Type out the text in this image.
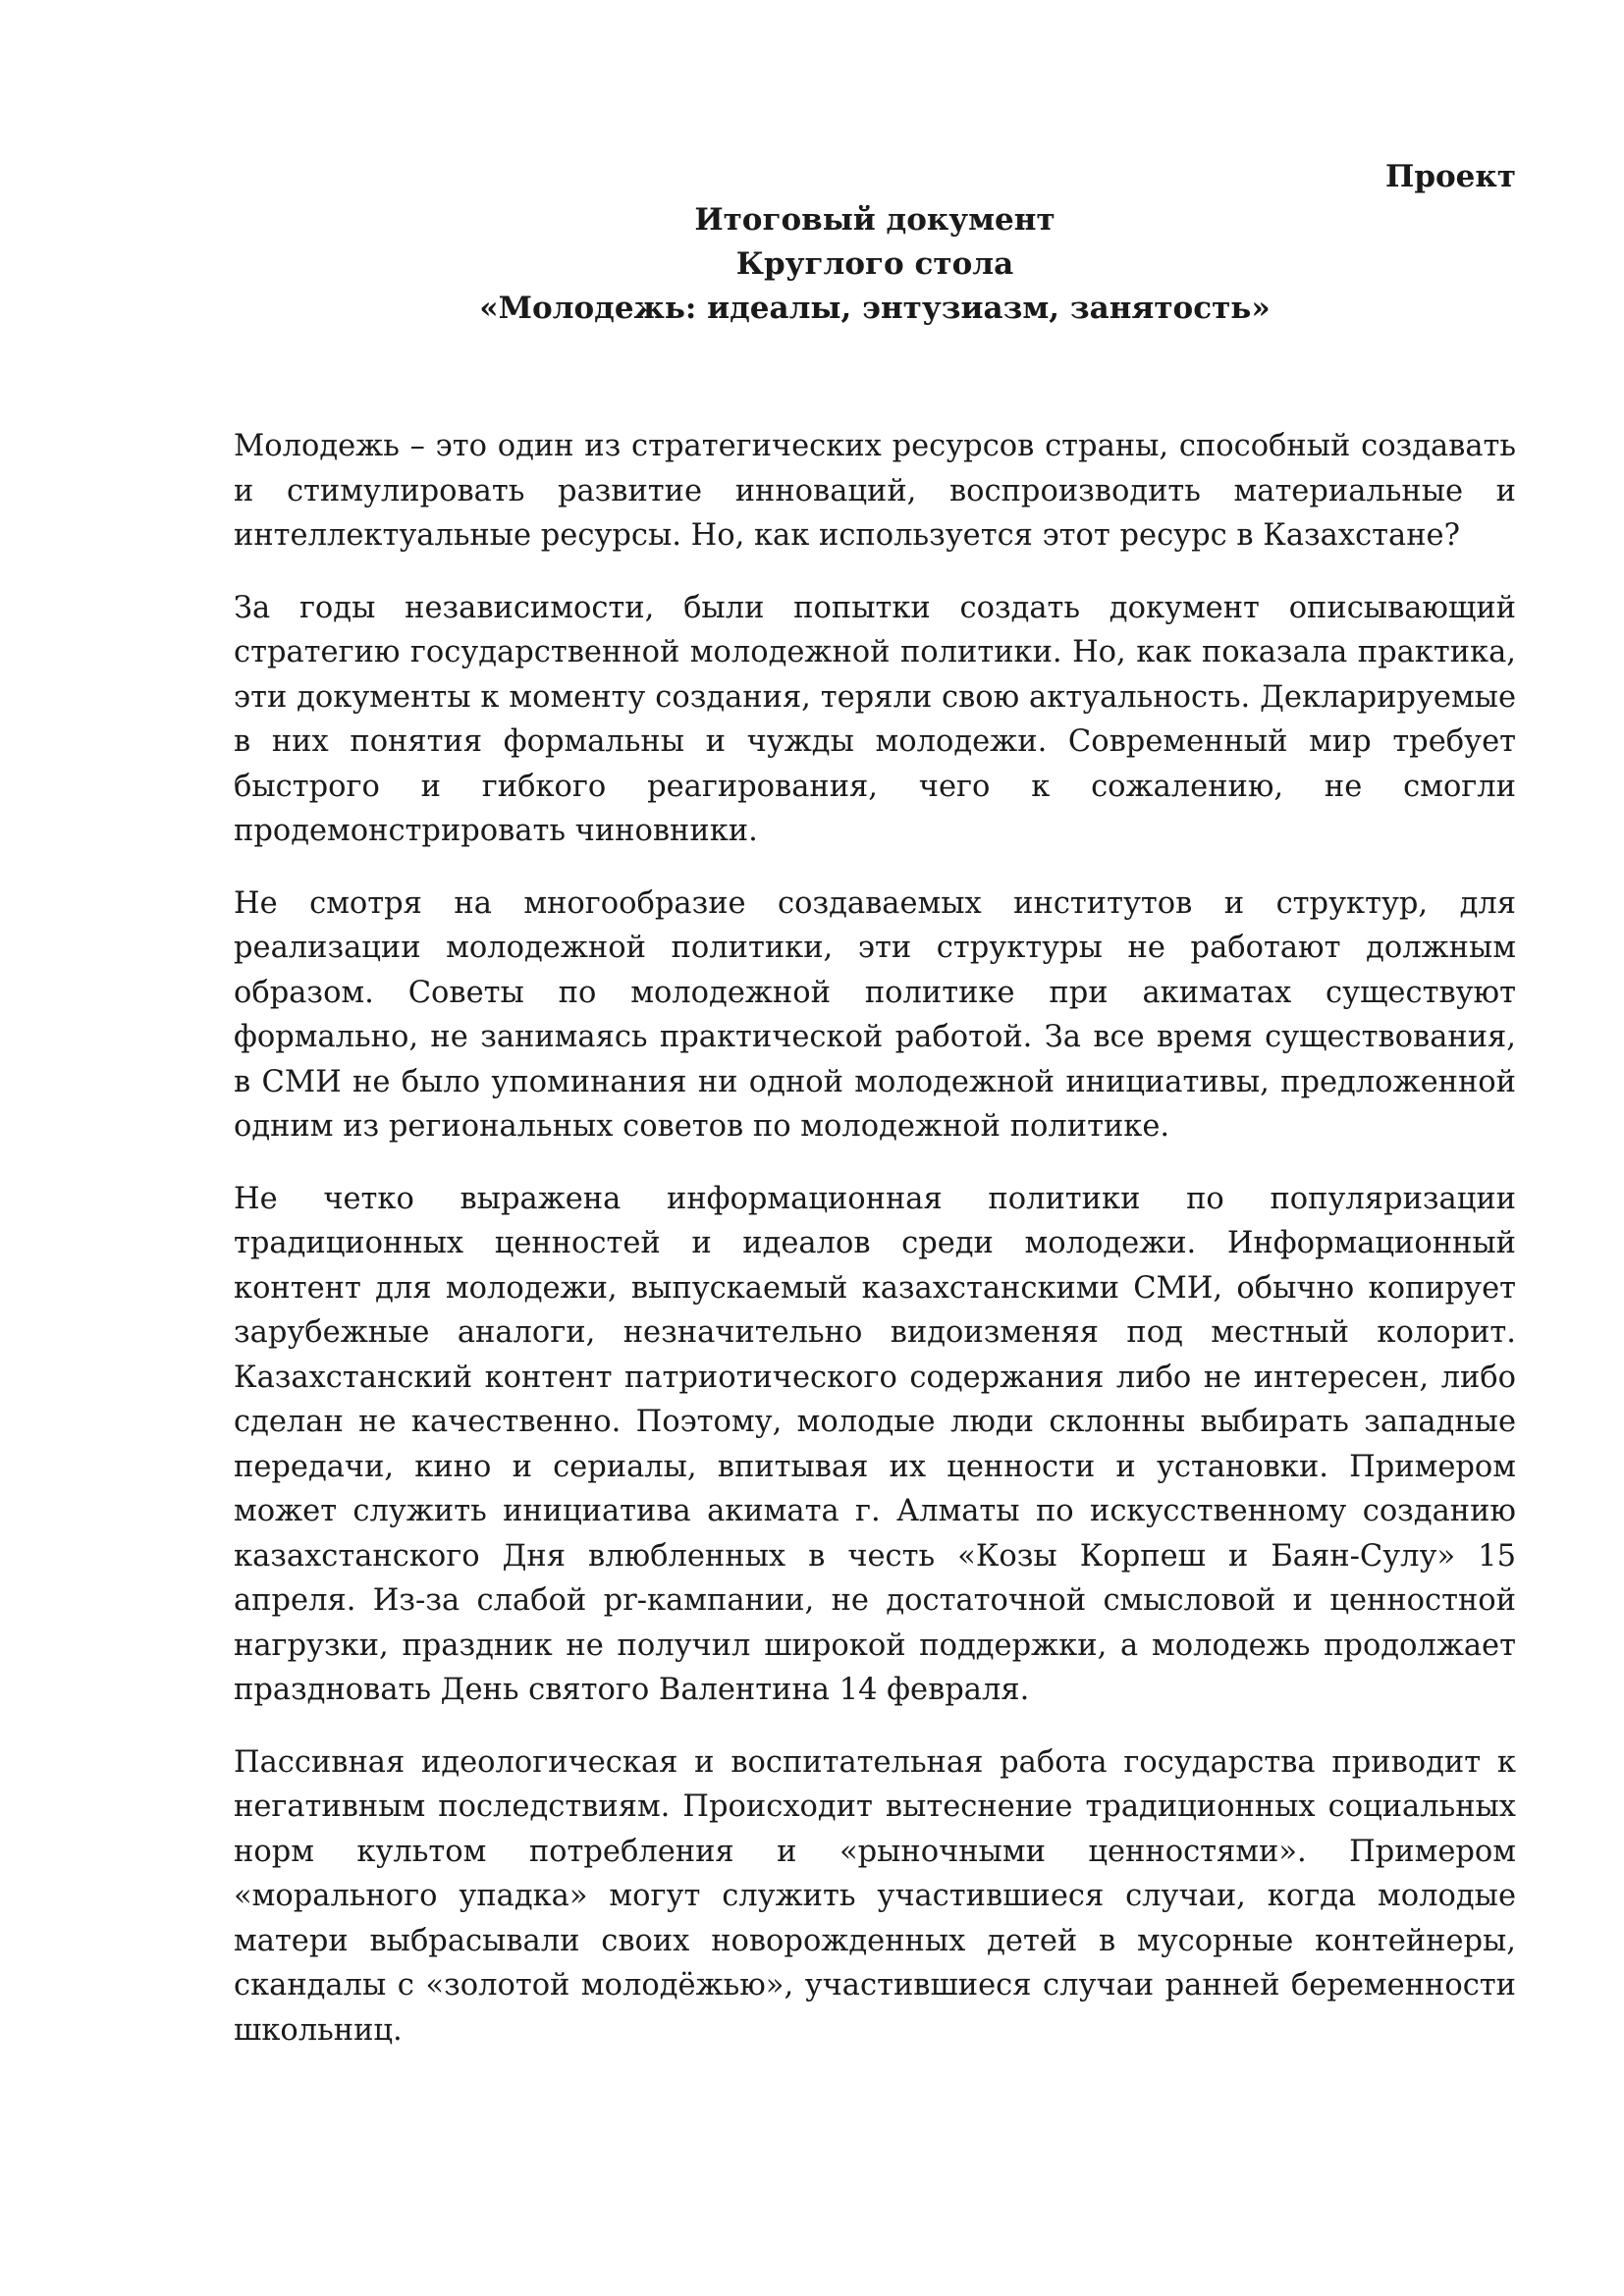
Проект
Итоговый документ
Круглого стола
«Молодежь: идеалы, энтузиазм, занятость»

Молодежь – это один из стратегических ресурсов страны, способный создавать и стимулировать развитие инноваций, воспроизводить материальные и интеллектуальные ресурсы. Но, как используется этот ресурс в Казахстане?

За годы независимости, были попытки создать документ описывающий стратегию государственной молодежной политики. Но, как показала практика, эти документы к моменту создания, теряли свою актуальность. Декларируемые в них понятия формальны и чужды молодежи. Современный мир требует быстрого и гибкого реагирования, чего к сожалению, не смогли продемонстрировать чиновники.

Не смотря на многообразие создаваемых институтов и структур, для реализации молодежной политики, эти структуры не работают должным образом. Советы по молодежной политике при акиматах существуют формально, не занимаясь практической работой. За все время существования, в СМИ не было упоминания ни одной молодежной инициативы, предложенной одним из региональных советов по молодежной политике.

Не четко выражена информационная политики по популяризации традиционных ценностей и идеалов среди молодежи. Информационный контент для молодежи, выпускаемый казахстанскими СМИ, обычно копирует зарубежные аналоги, незначительно видоизменяя под местный колорит. Казахстанский контент патриотического содержания либо не интересен, либо сделан не качественно. Поэтому, молодые люди склонны выбирать западные передачи, кино и сериалы, впитывая их ценности и установки. Примером может служить инициатива акимата г. Алматы по искусственному созданию казахстанского Дня влюбленных в честь «Козы Корпеш и Баян-Сулу» 15 апреля. Из-за слабой pr-кампании, не достаточной смысловой и ценностной нагрузки, праздник не получил широкой поддержки, а молодежь продолжает праздновать День святого Валентина 14 февраля.

Пассивная идеологическая и воспитательная работа государства приводит к негативным последствиям. Происходит вытеснение традиционных социальных норм культом потребления и «рыночными ценностями». Примером «морального упадка» могут служить участившиеся случаи, когда молодые матери выбрасывали своих новорожденных детей в мусорные контейнеры, скандалы с «золотой молодёжью», участившиеся случаи ранней беременности школьниц.
